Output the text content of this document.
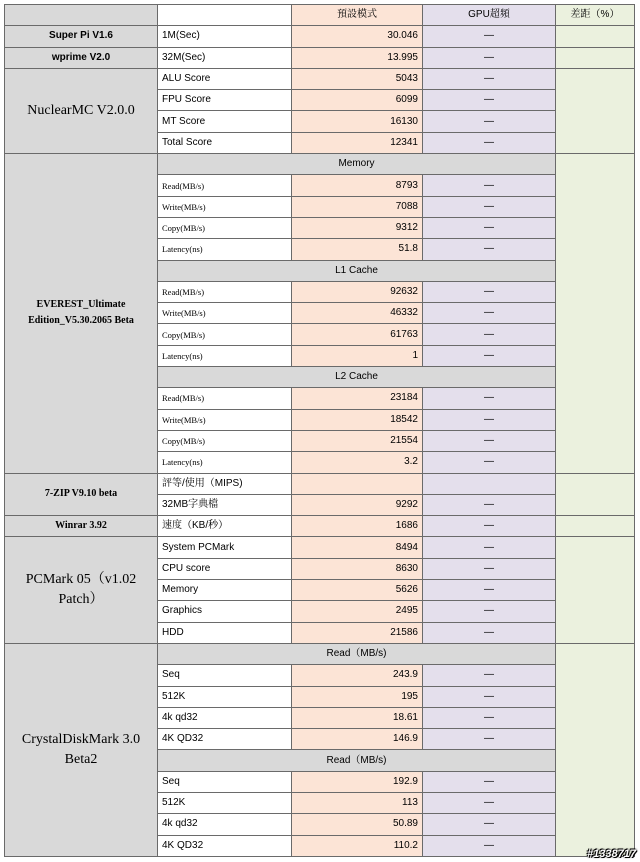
		預設模式	GPU超頻	差距（%）
Super Pi V1.6	1M(Sec)	30.046	—	
wprime V2.0	32M(Sec)	13.995	—	
NuclearMC V2.0.0	ALU Score	5043	—	
	FPU Score	6099	—	
	MT Score	16130	—	
	Total Score	12341	—	
EVEREST_Ultimate Edition_V5.30.2065 Beta	Memory			
	Read(MB/s)	8793	—	
	Write(MB/s)	7088	—	
	Copy(MB/s)	9312	—	
	Latency(ns)	51.8	—	
	L1 Cache			
	Read(MB/s)	92632	—	
	Write(MB/s)	46332	—	
	Copy(MB/s)	61763	—	
	Latency(ns)	1	—	
	L2 Cache			
	Read(MB/s)	23184	—	
	Write(MB/s)	18542	—	
	Copy(MB/s)	21554	—	
	Latency(ns)	3.2	—	
7-ZIP V9.10 beta	評等/使用（MIPS)			
	32MB字典檔	9292	—	
Winrar 3.92	速度（KB/秒）	1686	—	
PCMark 05（v1.02 Patch）	System PCMark	8494	—	
	CPU score	8630	—	
	Memory	5626	—	
	Graphics	2495	—	
	HDD	21586	—	
CrystalDiskMark 3.0 Beta2	Read（MB/s)			
	Seq	243.9	—	
	512K	195	—	
	4k qd32	18.61	—	
	4K QD32	146.9	—	
	Read（MB/s)			
	Seq	192.9	—	
	512K	113	—	
	4k qd32	50.89	—	
	4K QD32	110.2	—	
#1338717
